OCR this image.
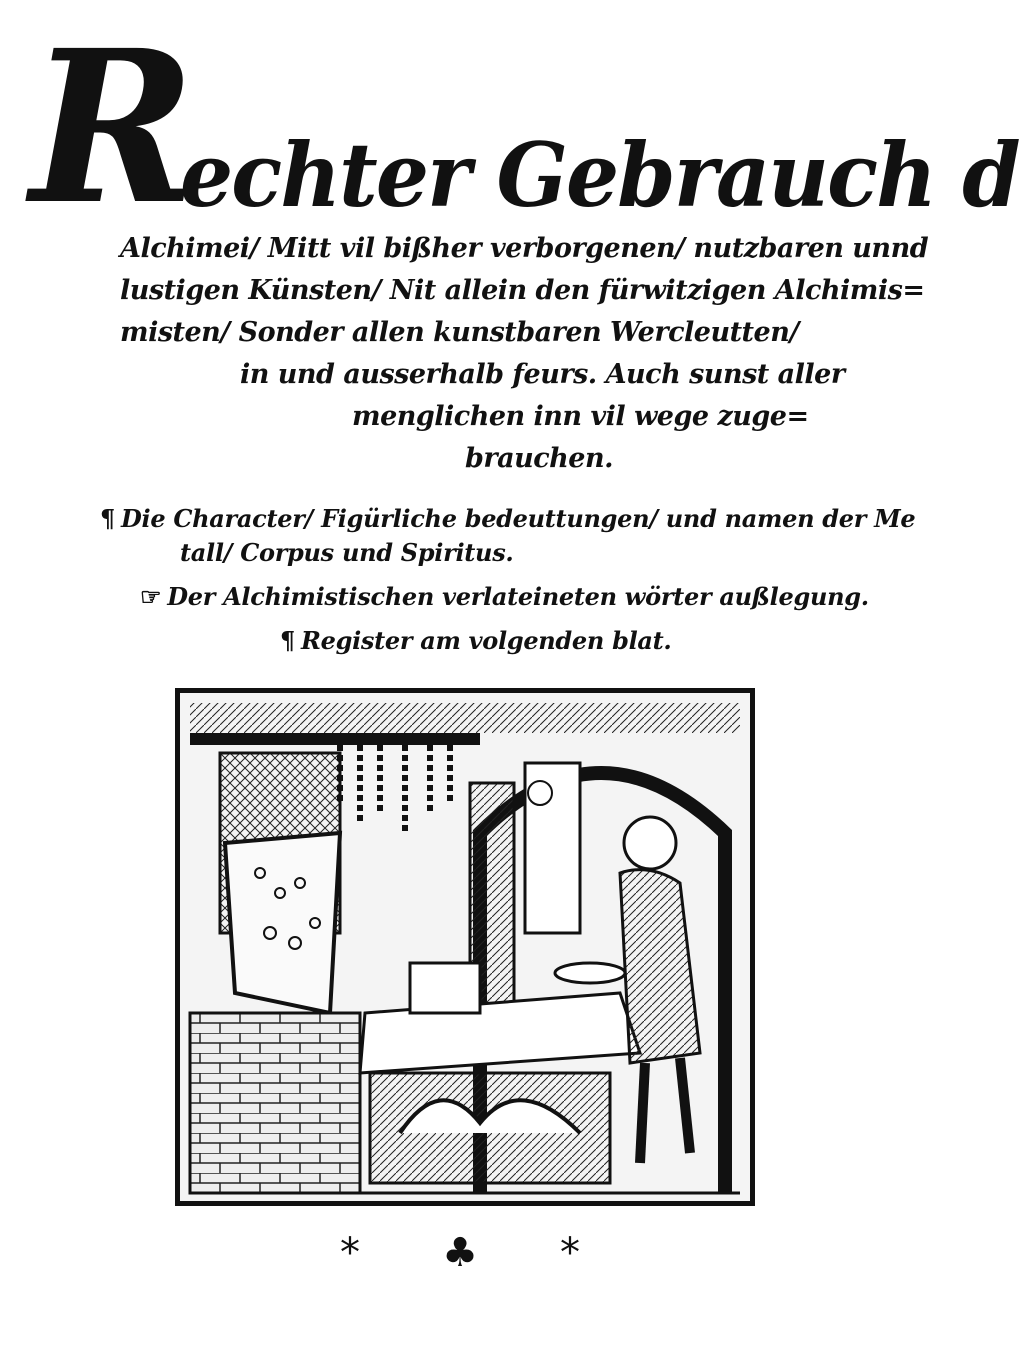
R
echter Gebrauch d
Alchimei/ Mitt vil bißher verborgenen/ nutzbaren unnd
lustigen Künsten/ Nit allein den fürwitzigen Alchimis=
misten/ Sonder allen kunstbaren Wercleutten/
in und ausserhalb feurs. Auch sunst aller
menglichen inn vil wege zuge=
brauchen.
¶ Die Character/ Figürliche bedeuttungen/ und namen der Me
tall/ Corpus und Spiritus.
☞ Der Alchimistischen verlateineten wörter außlegung.
¶ Register am volgenden blat.
* ♣ *
